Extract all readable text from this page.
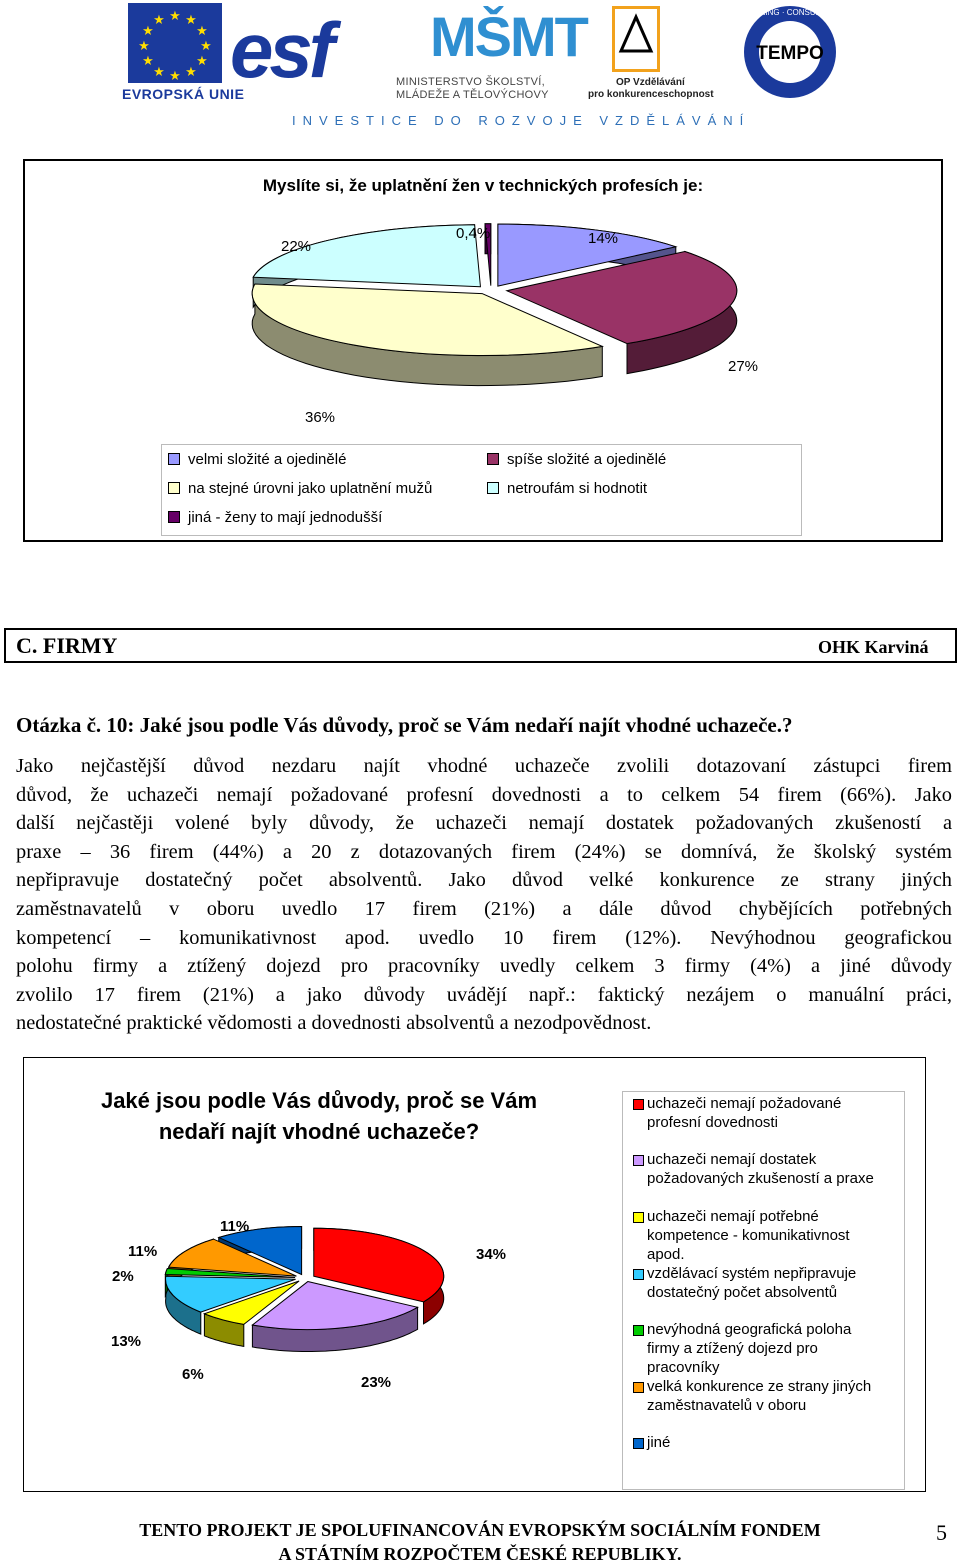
★ ★
★
★
★
★
★
★
★
★
★
★
EVROPSKÁ UNIE
esf MŠMT
MINISTERSTVO ŠKOLSTVÍ,
MLÁDEŽE A TĚLOVÝCHOVY
OP Vzdělávání
pro konkurenceschopnost
TEMPO
TRAINING · CONSULTING
INVESTICE DO ROZVOJE VZDĚLÁVÁNÍ
Myslíte si, že uplatnění žen v technických profesích je:
14%
27%
36%
22%
0,4%
velmi složité a ojedinělé	spíše složité a ojedinělé
na stejné úrovni jako uplatnění mužů	netroufám si hodnotit
jiná - ženy to mají jednodušší
C. FIRMY	OHK Karviná
Otázka č. 10: Jaké jsou podle Vás důvody, proč se Vám nedaří najít vhodné uchazeče.?
Jako nejčastější důvod nezdaru najít vhodné uchazeče zvolili dotazovaní zástupci firem
důvod, že uchazeči nemají požadované profesní dovednosti a to celkem 54 firem (66%). Jako
další nejčastěji volené byly důvody, že uchazeči nemají dostatek požadovaných zkušeností a
praxe – 36 firem (44%) a 20 z dotazovaných firem (24%) se domnívá, že školský systém
nepřipravuje dostatečný počet absolventů. Jako důvod velké konkurence ze strany jiných
zaměstnavatelů v oboru uvedlo 17 firem (21%) a dále důvod chybějících potřebných
kompetencí – komunikativnost apod. uvedlo 10 firem (12%). Nevýhodnou geografickou
polohu firmy a ztížený dojezd pro pracovníky uvedly celkem 3 firmy (4%) a jiné důvody
zvolilo 17 firem (21%) a jako důvody uvádějí např.: faktický nezájem o manuální práci,
nedostatečné praktické vědomosti a dovednosti absolventů a nezodpovědnost.
Jaké jsou podle Vás důvody, proč se Vám
nedaří najít vhodné uchazeče?
34%
23%
6%
13%
2%
11%
11%
uchazeči nemají požadované
profesní dovednosti
uchazeči nemají dostatek
požadovaných zkušeností a praxe
uchazeči nemají potřebné
kompetence - komunikativnost
apod.
vzdělávací systém nepřipravuje
dostatečný počet absolventů
nevýhodná geografická poloha
firmy a ztížený dojezd pro
pracovníky
velká konkurence ze strany jiných
zaměstnavatelů v oboru
jiné
TENTO PROJEKT JE SPOLUFINANCOVÁN EVROPSKÝM SOCIÁLNÍM FONDEM
A STÁTNÍM ROZPOČTEM ČESKÉ REPUBLIKY.
5
